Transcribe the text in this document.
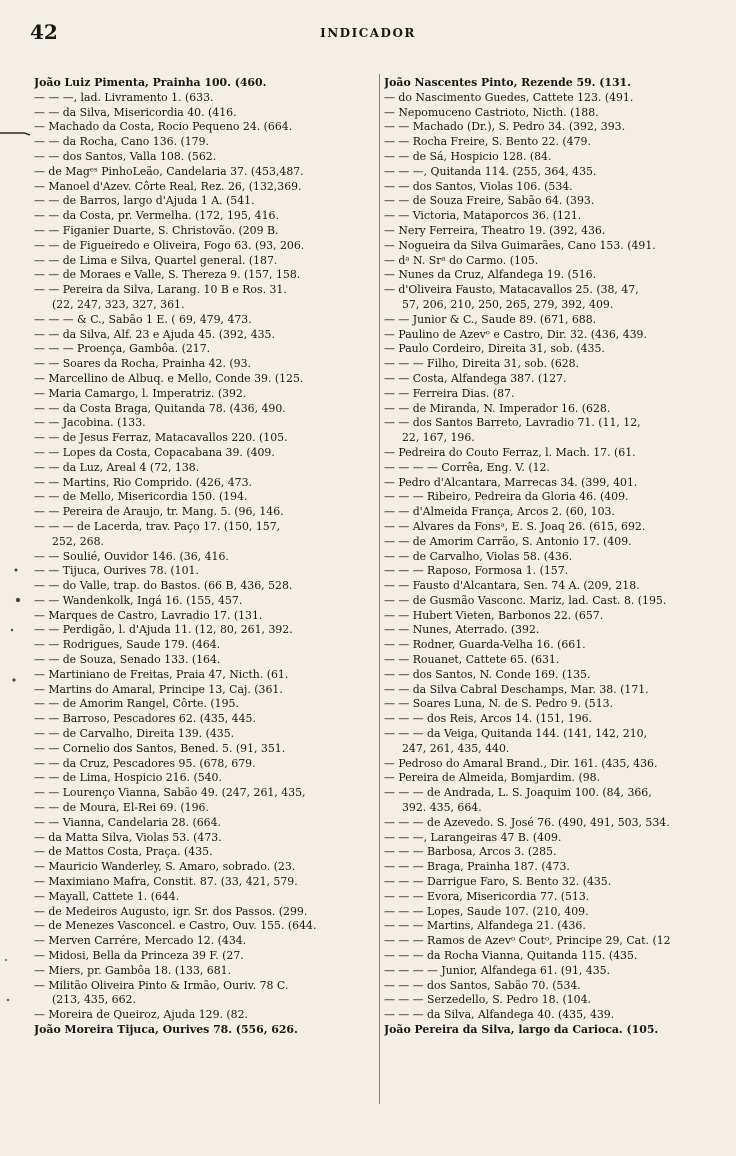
42	INDICADOR
João Luiz Pimenta, Prainha 100. (460.
— — —, lad. Livramento 1. (633.
— — da Silva, Misericordia 40. (416.
— Machado da Costa, Rocio Pequeno 24. (664.
— — da Rocha, Cano 136. (179.
— — dos Santos, Valla 108. (562.
— de Magᵉˢ PinhoLeão, Candelaria 37. (453,487.
— Manoel d'Azev. Côrte Real, Rez. 26, (132,369.
— — de Barros, largo d'Ajuda 1 A. (541.
— — da Costa, pr. Vermelha. (172, 195, 416.
— — Figanier Duarte, S. Christovão. (209 B.
— — de Figueiredo e Oliveira, Fogo 63. (93, 206.
— — de Lima e Silva, Quartel general. (187.
— — de Moraes e Valle, S. Thereza 9. (157, 158.
— — Pereira da Silva, Larang. 10 B e Ros. 31.
(22, 247, 323, 327, 361.
— — — & C., Sabão 1 E. ( 69, 479, 473.
— — da Silva, Alf. 23 e Ajuda 45. (392, 435.
— — — Proença, Gambôa. (217.
— — Soares da Rocha, Prainha 42. (93.
— Marcellino de Albuq. e Mello, Conde 39. (125.
— Maria Camargo, l. Imperatriz. (392.
— — da Costa Braga, Quitanda 78. (436, 490.
— — Jacobina. (133.
— — de Jesus Ferraz, Matacavallos 220. (105.
— — Lopes da Costa, Copacabana 39. (409.
— — da Luz, Areal 4 (72, 138.
— — Martins, Rio Comprido. (426, 473.
— — de Mello, Misericordia 150. (194.
— — Pereira de Araujo, tr. Mang. 5. (96, 146.
— — — de Lacerda, trav. Paço 17. (150, 157,
252, 268.
— — Soulié, Ouvidor 146. (36, 416.
— — Tijuca, Ourives 78. (101.
— — do Valle, trap. do Bastos. (66 B, 436, 528.
— — Wandenkolk, Ingá 16. (155, 457.
— Marques de Castro, Lavradio 17. (131.
— — Perdigão, l. d'Ajuda 11. (12, 80, 261, 392.
— — Rodrigues, Saude 179. (464.
— — de Souza, Senado 133. (164.
— Martiniano de Freitas, Praia 47, Nicth. (61.
— Martins do Amaral, Principe 13, Caj. (361.
— — de Amorim Rangel, Côrte. (195.
— — Barroso, Pescadores 62. (435, 445.
— — de Carvalho, Direita 139. (435.
— — Cornelio dos Santos, Bened. 5. (91, 351.
— — da Cruz, Pescadores 95. (678, 679.
— — de Lima, Hospicio 216. (540.
— — Lourenço Vianna, Sabão 49. (247, 261, 435,
— — de Moura, El-Rei 69. (196.
— — Vianna, Candelaria 28. (664.
— da Matta Silva, Violas 53. (473.
— de Mattos Costa, Praça. (435.
— Mauricio Wanderley, S. Amaro, sobrado. (23.
— Maximiano Mafra, Constit. 87. (33, 421, 579.
— Mayall, Cattete 1. (644.
— de Medeiros Augusto, igr. Sr. dos Passos. (299.
— de Menezes Vasconcel. e Castro, Ouv. 155. (644.
— Merven Carrére, Mercado 12. (434.
— Midosi, Bella da Princeza 39 F. (27.
— Miers, pr. Gambôa 18. (133, 681.
— Militão Oliveira Pinto & Irmão, Ouriv. 78 C.
(213, 435, 662.
— Moreira de Queiroz, Ajuda 129. (82.
João Moreira Tijuca, Ourives 78. (556, 626.
João Nascentes Pinto, Rezende 59. (131.
— do Nascimento Guedes, Cattete 123. (491.
— Nepomuceno Castrioto, Nicth. (188.
— — Machado (Dr.), S. Pedro 34. (392, 393.
— — Rocha Freire, S. Bento 22. (479.
— — de Sá, Hospicio 128. (84.
— — —, Quitanda 114. (255, 364, 435.
— — dos Santos, Violas 106. (534.
— — de Souza Freire, Sabão 64. (393.
— — Victoria, Mataporcos 36. (121.
— Nery Ferreira, Theatro 19. (392, 436.
— Nogueira da Silva Guimarães, Cano 153. (491.
— dᵃ N. Srᵃ do Carmo. (105.
— Nunes da Cruz, Alfandega 19. (516.
— d'Oliveira Fausto, Matacavallos 25. (38, 47,
57, 206, 210, 250, 265, 279, 392, 409.
— — Junior & C., Saude 89. (671, 688.
— Paulino de Azevᵒ e Castro, Dir. 32. (436, 439.
— Paulo Cordeiro, Direita 31, sob. (435.
— — — Filho, Direita 31, sob. (628.
— — Costa, Alfandega 387. (127.
— — Ferreira Dias. (87.
— — de Miranda, N. Imperador 16. (628.
— — dos Santos Barreto, Lavradio 71. (11, 12,
22, 167, 196.
— Pedreira do Couto Ferraz, l. Mach. 17. (61.
— — — — Corrêa, Eng. V. (12.
— Pedro d'Alcantara, Marrecas 34. (399, 401.
— — — Ribeiro, Pedreira da Gloria 46. (409.
— — d'Almeida França, Arcos 2. (60, 103.
— — Alvares da Fonsᵃ, E. S. Joaq 26. (615, 692.
— — de Amorim Carrão, S. Antonio 17. (409.
— — de Carvalho, Violas 58. (436.
— — — Raposo, Formosa 1. (157.
— — Fausto d'Alcantara, Sen. 74 A. (209, 218.
— — de Gusmão Vasconc. Mariz, lad. Cast. 8. (195.
— — Hubert Vieten, Barbonos 22. (657.
— — Nunes, Aterrado. (392.
— — Rodner, Guarda-Velha 16. (661.
— — Rouanet, Cattete 65. (631.
— — dos Santos, N. Conde 169. (135.
— — da Silva Cabral Deschamps, Mar. 38. (171.
— — Soares Luna, N. de S. Pedro 9. (513.
— — — dos Reis, Arcos 14. (151, 196.
— — — da Veiga, Quitanda 144. (141, 142, 210,
247, 261, 435, 440.
— Pedroso do Amaral Brand., Dir. 161. (435, 436.
— Pereira de Almeida, Bomjardim. (98.
— — — de Andrada, L. S. Joaquim 100. (84, 366,
392. 435, 664.
— — — de Azevedo. S. José 76. (490, 491, 503, 534.
— — —, Larangeiras 47 B. (409.
— — — Barbosa, Arcos 3. (285.
— — — Braga, Prainha 187. (473.
— — — Darrigue Faro, S. Bento 32. (435.
— — — Evora, Misericordia 77. (513.
— — — Lopes, Saude 107. (210, 409.
— — — Martins, Alfandega 21. (436.
— — — Ramos de Azevᵒ Coutᵒ, Principe 29, Cat. (12
— — — da Rocha Vianna, Quitanda 115. (435.
— — — — Junior, Alfandega 61. (91, 435.
— — — dos Santos, Sabão 70. (534.
— — — Serzedello, S. Pedro 18. (104.
— — — da Silva, Alfandega 40. (435, 439.
João Pereira da Silva, largo da Carioca. (105.
